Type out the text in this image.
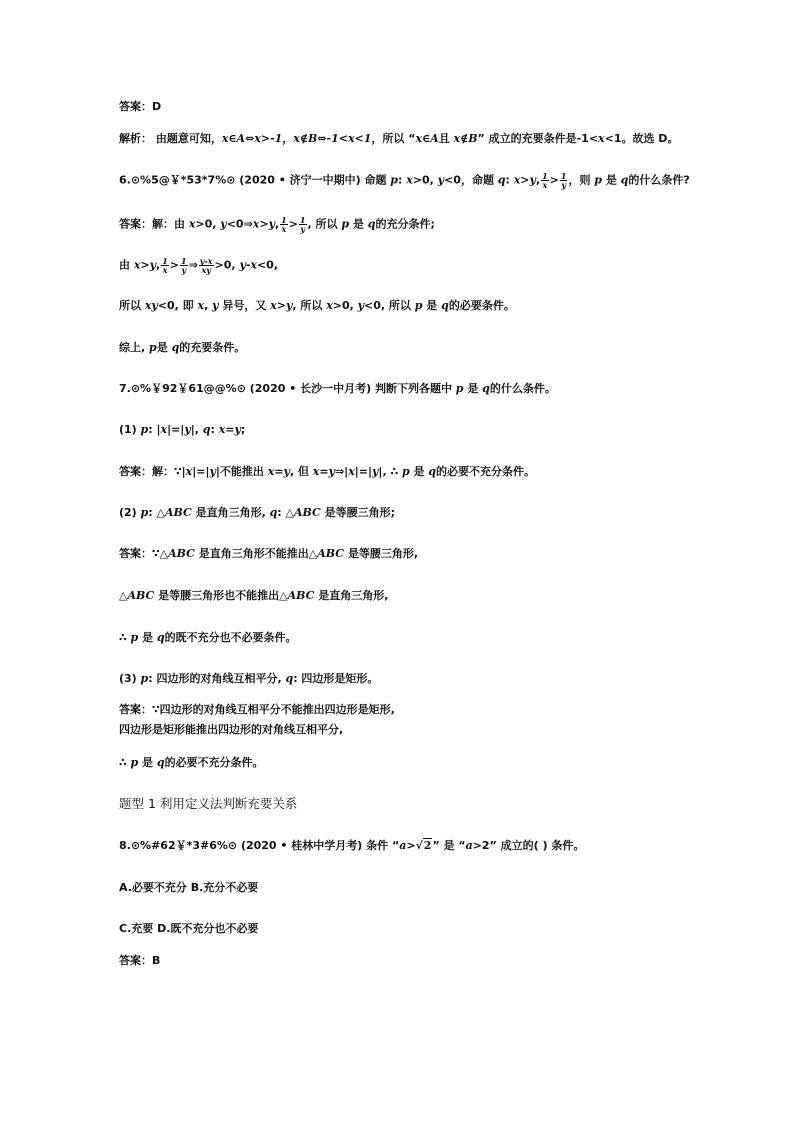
答案：D
解析： 由题意可知，x∈A⇔x>-1，x∉B⇔-1<x<1，所以 “x∈A且 x∉B” 成立的充要条件是-1<x<1。故选 D。
6.⊙%5@￥*53*7%⊙ (2020 • 济宁一中期中) 命题 p: x>0, y<0，命题 q: x>y, $\frac{1}{x} > \frac{1}{y}$ ，则 p 是 q的什么条件?
答案：解：由 x>0, y<0⇒x>y, $\frac{1}{x} > \frac{1}{y}$ , 所以 p 是 q的充分条件;
由 x>y, $\frac{1}{x} > \frac{1}{y}$ ⇒ $\frac{y-x}{xy} >0$, y-x<0,
所以 xy<0, 即 x, y 异号，又 x>y, 所以 x>0, y<0, 所以 p 是 q的必要条件。
综上, p是 q的充要条件。
7.⊙%￥92￥61@@%⊙ (2020 • 长沙一中月考) 判断下列各题中 p 是 q的什么条件。
(1) p: |x|=|y|, q: x=y;
答案：解：∵|x|=|y|不能推出 x=y, 但 x=y⇒|x|=|y|, ∴ p 是 q的必要不充分条件。
(2) p: △ABC 是直角三角形, q: △ABC 是等腰三角形;
答案：∵△ABC 是直角三角形不能推出△ABC 是等腰三角形,
△ABC 是等腰三角形也不能推出△ABC 是直角三角形,
∴ p 是 q的既不充分也不必要条件。
(3) p: 四边形的对角线互相平分, q: 四边形是矩形。
答案：∵四边形的对角线互相平分不能推出四边形是矩形,
四边形是矩形能推出四边形的对角线互相平分,
∴ p 是 q的必要不充分条件。
题型 1 利用定义法判断充要关系
8.⊙%#62￥*3#6%⊙ (2020 • 桂林中学月考) 条件 “a>√2” 是 “a>2” 成立的( ) 条件。
A.必要不充分 B.充分不必要
C.充要 D.既不充分也不必要
答案：B
